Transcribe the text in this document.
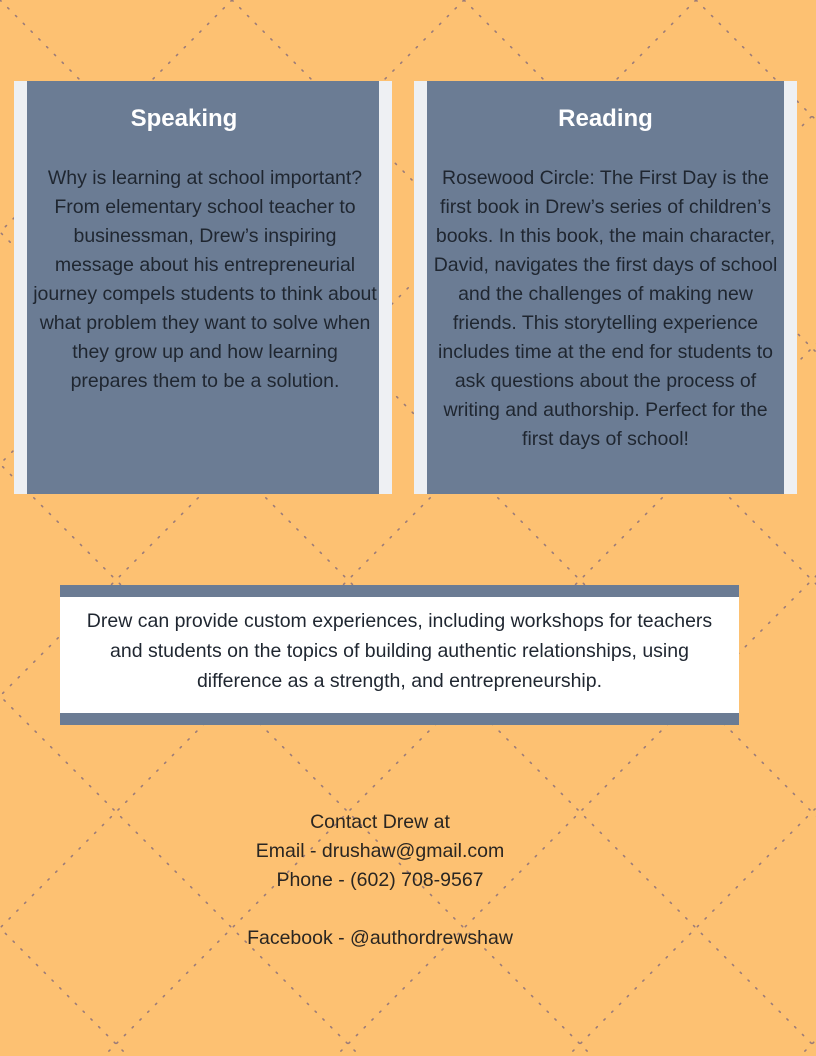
Speaking

Why is learning at school important? From elementary school teacher to businessman, Drew’s inspiring message about his entrepreneurial journey compels students to think about what problem they want to solve when they grow up and how learning prepares them to be a solution.

Reading

Rosewood Circle: The First Day is the first book in Drew’s series of children’s books. In this book, the main character, David, navigates the first days of school and the challenges of making new friends. This storytelling experience includes time at the end for students to ask questions about the process of writing and authorship. Perfect for the first days of school!

Drew can provide custom experiences, including workshops for teachers and students on the topics of building authentic relationships, using difference as a strength, and entrepreneurship.

Contact Drew at
Email - drushaw@gmail.com
Phone - (602) 708-9567
Facebook - @authordrewshaw
